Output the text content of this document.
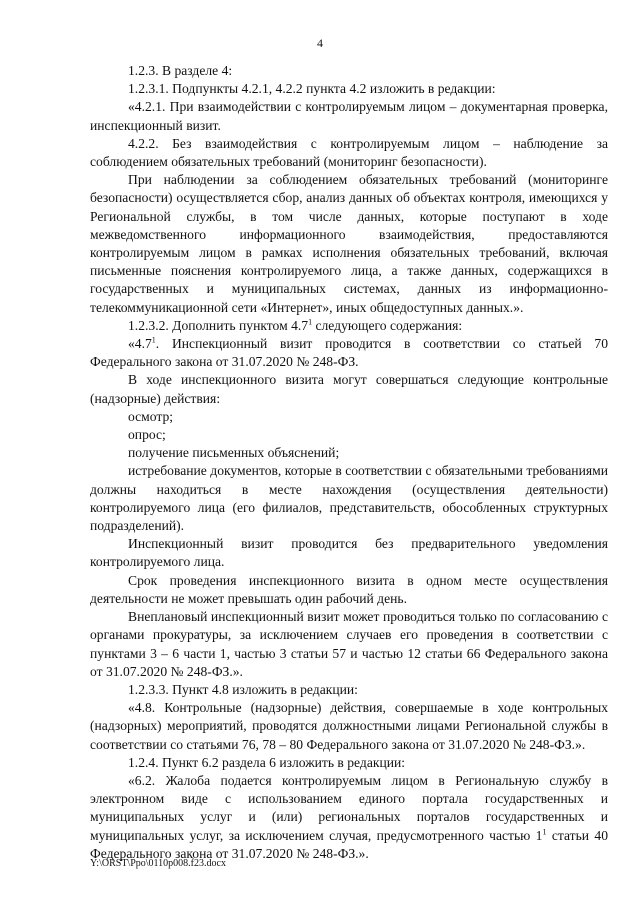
4

1.2.3. В разделе 4:

1.2.3.1. Подпункты 4.2.1, 4.2.2 пункта 4.2 изложить в редакции:

«4.2.1. При взаимодействии с контролируемым лицом – документарная проверка, инспекционный визит.

4.2.2. Без взаимодействия с контролируемым лицом – наблюдение за соблюдением обязательных требований (мониторинг безопасности).

При наблюдении за соблюдением обязательных требований (мониторинге безопасности) осуществляется сбор, анализ данных об объектах контроля, имеющихся у Региональной службы, в том числе данных, которые поступают в ходе межведомственного информационного взаимодействия, предоставляются контролируемым лицом в рамках исполнения обязательных требований, включая письменные пояснения контролируемого лица, а также данных, содержащихся в государственных и муниципальных системах, данных из информационно-телекоммуникационной сети «Интернет», иных общедоступных данных.».

1.2.3.2. Дополнить пунктом $4.7^1$ следующего содержания:

«$4.7^1$. Инспекционный визит проводится в соответствии со статьей 70 Федерального закона от 31.07.2020 № 248-ФЗ.

В ходе инспекционного визита могут совершаться следующие контрольные (надзорные) действия:

осмотр;

опрос;

получение письменных объяснений;

истребование документов, которые в соответствии с обязательными требованиями должны находиться в месте нахождения (осуществления деятельности) контролируемого лица (его филиалов, представительств, обособленных структурных подразделений).

Инспекционный визит проводится без предварительного уведомления контролируемого лица.

Срок проведения инспекционного визита в одном месте осуществления деятельности не может превышать один рабочий день.

Внеплановый инспекционный визит может проводиться только по согласованию с органами прокуратуры, за исключением случаев его проведения в соответствии с пунктами 3 – 6 части 1, частью 3 статьи 57 и частью 12 статьи 66 Федерального закона от 31.07.2020 № 248-ФЗ.».

1.2.3.3. Пункт 4.8 изложить в редакции:

«4.8. Контрольные (надзорные) действия, совершаемые в ходе контрольных (надзорных) мероприятий, проводятся должностными лицами Региональной службы в соответствии со статьями 76, 78 – 80 Федерального закона от 31.07.2020 № 248-ФЗ.».

1.2.4. Пункт 6.2 раздела 6 изложить в редакции:

«6.2. Жалоба подается контролируемым лицом в Региональную службу в электронном виде с использованием единого портала государственных и муниципальных услуг и (или) региональных порталов государственных и муниципальных услуг, за исключением случая, предусмотренного частью $1^1$ статьи 40 Федерального закона от 31.07.2020 № 248-ФЗ.».

Y:\ORST\Ppo\0110p008.f23.docx
